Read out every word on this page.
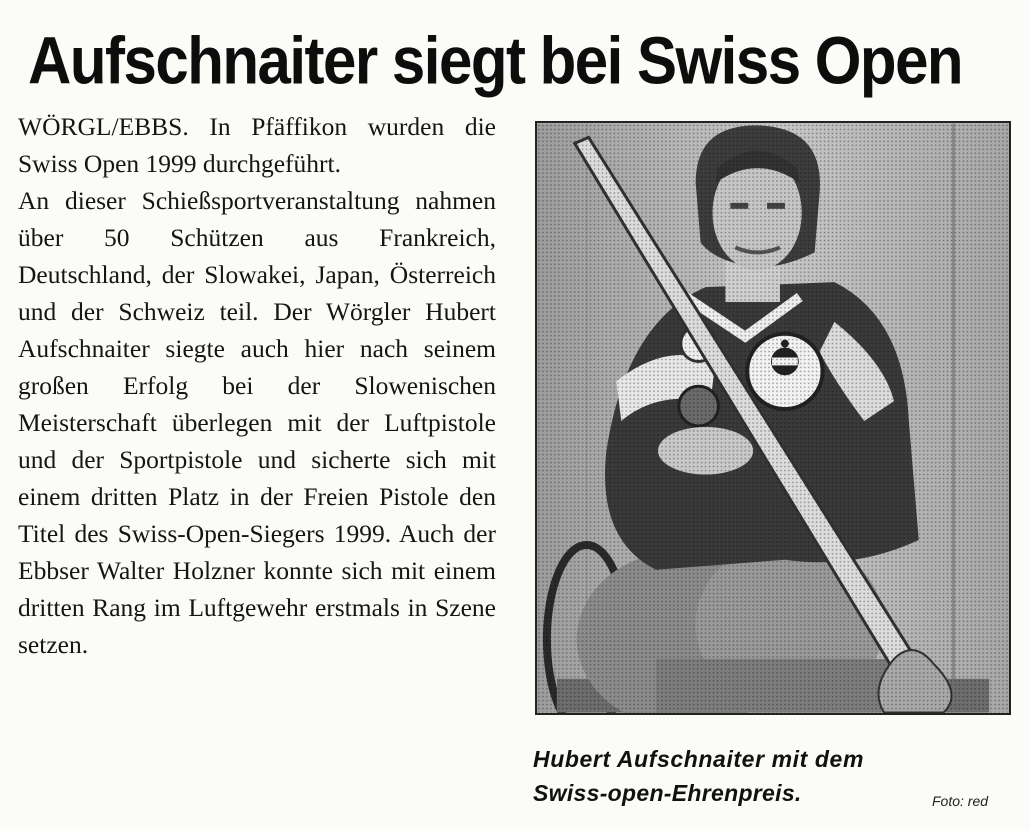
Aufschnaiter siegt bei Swiss Open

WÖRGL/EBBS. In Pfäffikon wurden die Swiss Open 1999 durchgeführt.

An dieser Schießsportveranstaltung nahmen über 50 Schützen aus Frankreich, Deutschland, der Slowakei, Japan, Österreich und der Schweiz teil. Der Wörgler Hubert Aufschnaiter siegte auch hier nach seinem großen Erfolg bei der Slowenischen Meisterschaft überlegen mit der Luftpistole und der Sportpistole und sicherte sich mit einem dritten Platz in der Freien Pistole den Titel des Swiss-Open-Siegers 1999. Auch der Ebbser Walter Holzner konnte sich mit einem dritten Rang im Luftgewehr erstmals in Szene setzen.

Hubert Aufschnaiter mit dem
Swiss-open-Ehrenpreis.	Foto: red
